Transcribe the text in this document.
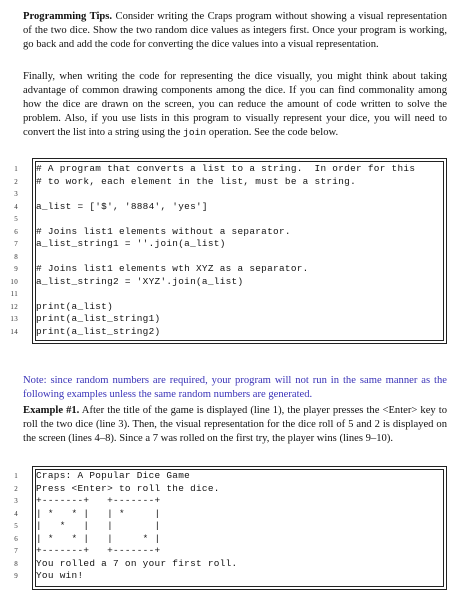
Programming Tips. Consider writing the Craps program without showing a visual representation of the two dice. Show the two random dice values as integers first. Once your program is working, go back and add the code for converting the dice values into a visual representation.

Finally, when writing the code for representing the dice visually, you might think about taking advantage of common drawing components among the dice. If you can find commonality among how the dice are drawn on the screen, you can reduce the amount of code written to solve the problem. Also, if you use lists in this program to visually represent your dice, you will need to convert the list into a string using the join operation. See the code below.

1 # A program that converts a list to a string.  In order for this
2 # to work, each element in the list, must be a string.
3
4 a_list = ['$', '8884', 'yes']
5
6 # Joins list1 elements without a separator.
7 a_list_string1 = ''.join(a_list)
8
9 # Joins list1 elements wth XYZ as a separator.
10 a_list_string2 = 'XYZ'.join(a_list)
11
12 print(a_list)
13 print(a_list_string1)
14 print(a_list_string2)

Note: since random numbers are required, your program will not run in the same manner as the following examples unless the same random numbers are generated.

Example #1. After the title of the game is displayed (line 1), the player presses the <Enter> key to roll the two dice (line 3). Then, the visual representation for the dice roll of 5 and 2 is displayed on the screen (lines 4–8). Since a 7 was rolled on the first try, the player wins (lines 9–10).

1 Craps: A Popular Dice Game
2 Press <Enter> to roll the dice.
3 +-------+   +-------+
4 | *   * |   | *     |
5 |   *   |   |       |
6 | *   * |   |     * |
7 +-------+   +-------+
8 You rolled a 7 on your first roll.
9 You win!
